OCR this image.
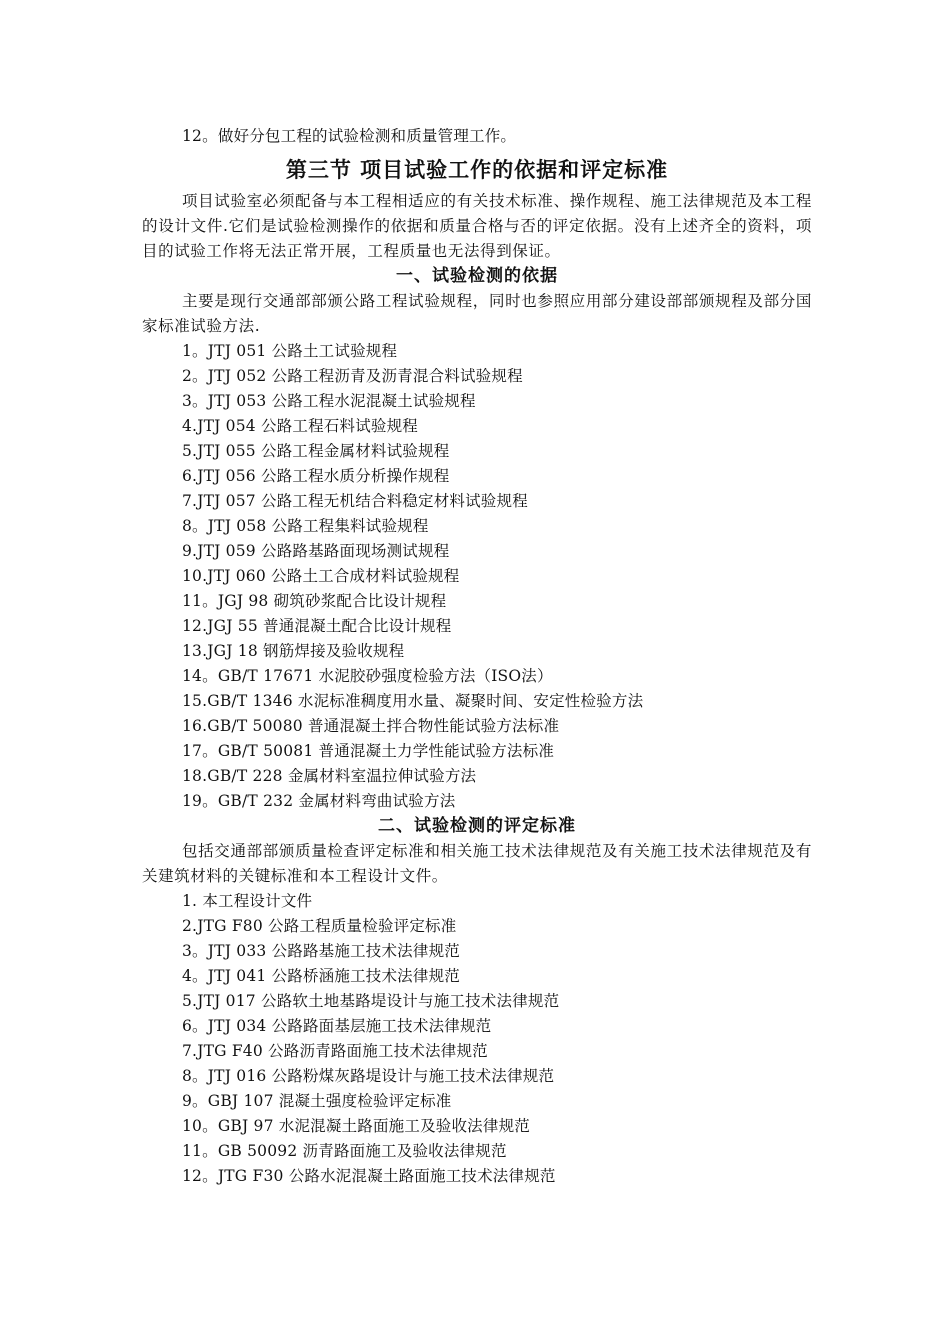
12。做好分包工程的试验检测和质量管理工作。
第三节 项目试验工作的依据和评定标准

项目试验室必须配备与本工程相适应的有关技术标准、操作规程、施工法律规范及本工程的设计文件.它们是试验检测操作的依据和质量合格与否的评定依据。没有上述齐全的资料，项目的试验工作将无法正常开展，工程质量也无法得到保证。

一、试验检测的依据

主要是现行交通部部颁公路工程试验规程，同时也参照应用部分建设部部颁规程及部分国家标准试验方法.

1。JTJ 051 公路土工试验规程
2。JTJ 052 公路工程沥青及沥青混合料试验规程
3。JTJ 053 公路工程水泥混凝土试验规程
4.JTJ 054 公路工程石料试验规程
5.JTJ 055 公路工程金属材料试验规程
6.JTJ 056 公路工程水质分析操作规程
7.JTJ 057 公路工程无机结合料稳定材料试验规程
8。JTJ 058 公路工程集料试验规程
9.JTJ 059 公路路基路面现场测试规程
10.JTJ 060 公路土工合成材料试验规程
11。JGJ 98 砌筑砂浆配合比设计规程
12.JGJ 55 普通混凝土配合比设计规程
13.JGJ 18 钢筋焊接及验收规程
14。GB/T 17671 水泥胶砂强度检验方法（ISO法）
15.GB/T 1346 水泥标准稠度用水量、凝聚时间、安定性检验方法
16.GB/T 50080 普通混凝土拌合物性能试验方法标准
17。GB/T 50081 普通混凝土力学性能试验方法标准
18.GB/T 228 金属材料室温拉伸试验方法
19。GB/T 232 金属材料弯曲试验方法
二、试验检测的评定标准

包括交通部部颁质量检查评定标准和相关施工技术法律规范及有关施工技术法律规范及有关建筑材料的关键标准和本工程设计文件。

1. 本工程设计文件
2.JTG F80 公路工程质量检验评定标准
3。JTJ 033 公路路基施工技术法律规范
4。JTJ 041 公路桥涵施工技术法律规范
5.JTJ 017 公路软土地基路堤设计与施工技术法律规范
6。JTJ 034 公路路面基层施工技术法律规范
7.JTG F40 公路沥青路面施工技术法律规范
8。JTJ 016 公路粉煤灰路堤设计与施工技术法律规范
9。GBJ 107 混凝土强度检验评定标准
10。GBJ 97 水泥混凝土路面施工及验收法律规范
11。GB 50092 沥青路面施工及验收法律规范
12。JTG F30 公路水泥混凝土路面施工技术法律规范
